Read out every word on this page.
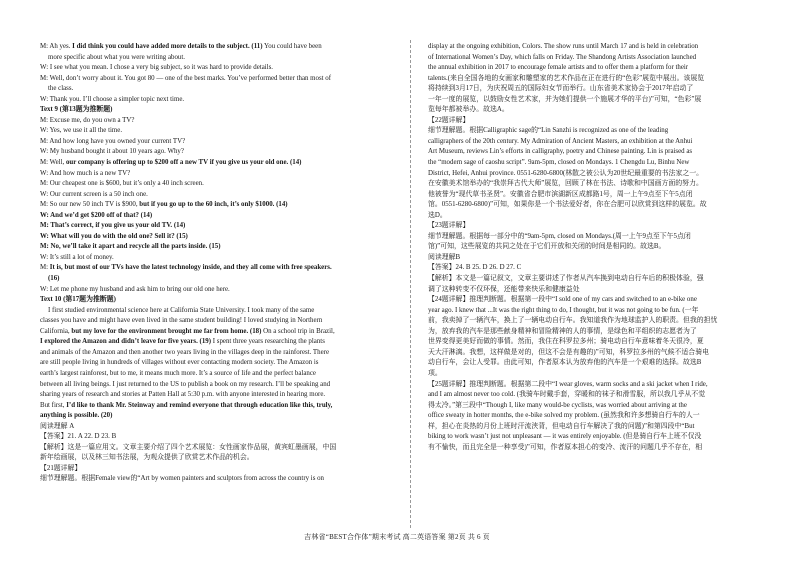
M: Ah yes. I did think you could have added more details to the subject. (11) You could have been

more specific about what you were writing about.

W: I see what you mean. I chose a very big subject, so it was hard to provide details.

M: Well, don’t worry about it. You got 80 — one of the best marks. You’ve performed better than most of

the class.

W: Thank you. I’ll choose a simpler topic next time.

Text 9 (第13题为推断题)

M: Excuse me, do you own a TV?

W: Yes, we use it all the time.

M: And how long have you owned your current TV?

W: My husband bought it about 10 years ago. Why?

M: Well, our company is offering up to $200 off a new TV if you give us your old one. (14)

W: And how much is a new TV?

M: Our cheapest one is $600, but it’s only a 40 inch screen.

W: Our current screen is a 50 inch one.

M: So our new 50 inch TV is $900, but if you go up to the 60 inch, it’s only $1000. (14)

W: And we’d get $200 off of that? (14)

M: That’s correct, if you give us your old TV. (14)

W: What will you do with the old one? Sell it? (15)

M: No, we’ll take it apart and recycle all the parts inside. (15)

W: It’s still a lot of money.

M: It is, but most of our TVs have the latest technology inside, and they all come with free speakers.

(16)

W: Let me phone my husband and ask him to bring our old one here.

Text 10 (第17题为推断题)

I first studied environmental science here at California State University. I took many of the same

classes you have and might have even lived in the same student building! I loved studying in Northern

California, but my love for the environment brought me far from home. (18) On a school trip in Brazil,

I explored the Amazon and didn’t leave for five years. (19) I spent three years researching the plants

and animals of the Amazon and then another two years living in the villages deep in the rainforest. There

are still people living in hundreds of villages without ever contacting modern society. The Amazon is

earth’s largest rainforest, but to me, it means much more. It’s a source of life and the perfect balance

between all living beings. I just returned to the US to publish a book on my research. I’ll be speaking and

sharing years of research and stories at Patten Hall at 5:30 p.m. with anyone interested in hearing more.

But first, I’d like to thank Mr. Steinway and remind everyone that through education like this, truly,

anything is possible. (20)

阅读理解 A

【答案】21. A 22. D 23. B

【解析】这是一篇应用文。文章主要介绍了四个艺术展览：女性画家作品展，黄宾虹墨画展，中国

新年绘画展，以及林三知书法展，为观众提供了欣赏艺术作品的机会。

【21题详解】

细节理解题。根据Female view的“Art by women painters and sculptors from across the country is on

display at the ongoing exhibition, Colors. The show runs until March 17 and is held in celebration

of International Women’s Day, which falls on Friday. The Shandong Artists Association launched

the annual exhibition in 2017 to encourage female artists and to offer them a platform for their

talents.(来自全国各地的女画家和雕塑家的艺术作品在正在进行的“色彩”展览中展出。该展览

将持续到3月17日，为庆祝周五的国际妇女节而举行。山东省美术家协会于2017年启动了

一年一度的展览，以鼓励女性艺术家，并为她们提供一个施展才华的平台)”可知，“色彩”展

览每年都被举办。故选A。

【22题详解】

细节理解题。根据Calligraphic sage的“Lin Sanzhi is recognized as one of the leading

calligraphers of the 20th century. My Admiration of Ancient Masters, an exhibition at the Anhui

Art Museum, reviews Lin’s efforts in calligraphy, poetry and Chinese painting. Lin is praised as

the “modern sage of caoshu script”. 9am-5pm, closed on Mondays. 1 Chengdu Lu, Binhu New

District, Hefei, Anhui province. 0551-6280-6800(林散之被公认为20世纪最重要的书法家之一。

在安徽美术馆举办的“我崇拜古代大师”展览，回顾了林在书法、诗歌和中国画方面的努力。

他被誉为“现代草书圣贤”。安徽省合肥市滨湖新区成都路1号，周一上午9点至下午5点闭

馆。0551-6280-6800)”可知，如果你是一个书法爱好者，你在合肥可以欣赏到这样的展览。故

选D。

【23题详解】

细节理解题。根据每一部分中的“9am-5pm, closed on Mondays.(周一上午9点至下午5点闭

馆)”可知，这些展览的共同之处在于它们开放和关闭的时间是相同的。故选B。

阅读理解B

【答案】24. B 25. D 26. D 27. C

【解析】本文是一篇记叙文，文章主要讲述了作者从汽车换到电动自行车后的积极体验，强

调了这种转变不仅环保，还能带来快乐和健康益处

【24题详解】推理判断题。根据第一段中“I sold one of my cars and switched to an e-bike one

year ago. I knew that ...It was the right thing to do, I thought, but it was not going to be fun. (一年

前，我卖掉了一辆汽车，换上了一辆电动自行车。我知道我作为地球监护人的职责。但我的担忧

为，放弃我的汽车是那些献身精神和冒险精神的人的事情，是绿色和平组织的志愿者为了

世界变得更美好而做的事情。然而，我住在科罗拉多州；骑电动自行车意味着冬天很冷，夏

天大汗淋漓。我想，这样做是对的，但这不会是有趣的)”可知，科罗拉多州的气候不适合骑电

动自行车，会让人受罪。由此可知，作者原本认为放弃他的汽车是一个艰难的选择。故选B

项。

【25题详解】推理判断题。根据第二段中“I wear gloves, warm socks and a ski jacket when I ride,

and I am almost never too cold. (我骑车时戴手套，穿暖和的袜子和滑雪服，所以我几乎从不觉

得太冷。”第三段中“Though I, like many would-be cyclists, was worried about arriving at the

office sweaty in hotter months, the e-bike solved my problem. (虽然我和许多想骑自行车的人一

样，担心在炎热的月份上班时汗流浃背，但电动自行车解决了我的问题)”和第四段中“But

biking to work wasn’t just not unpleasant — it was entirely enjoyable. (但是骑自行车上班不仅没

有不愉快，而且完全是一种享受)”可知，作者原本担心的变冷、流汗的问题几乎不存在，相

吉林省“BEST合作体”期末考试 高二英语答案 第2页 共 6 页
